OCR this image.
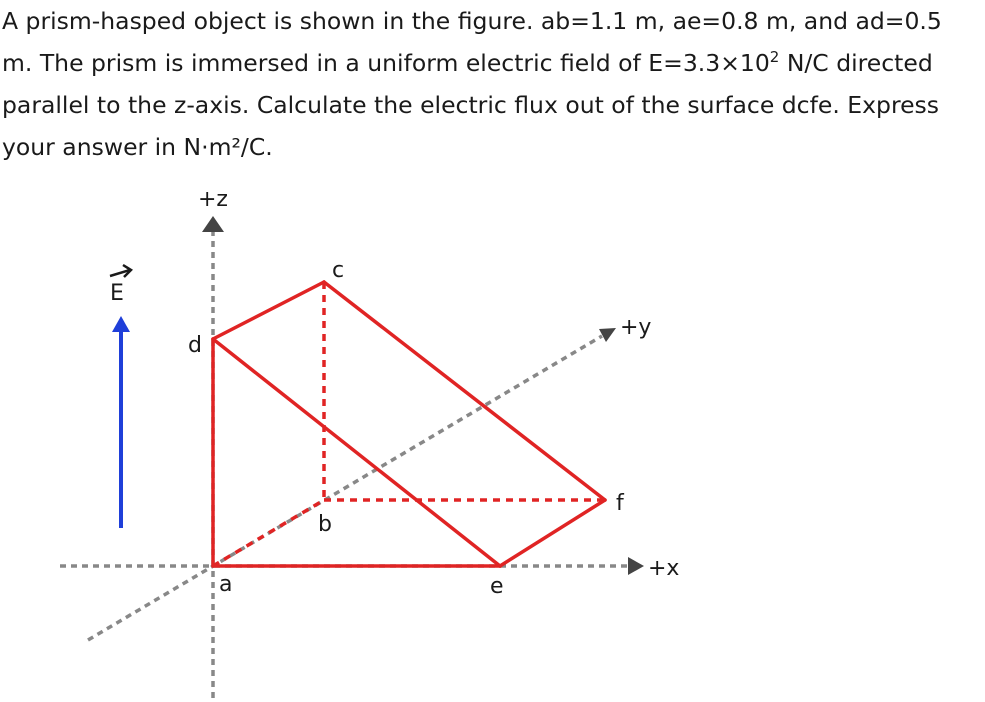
A prism-hasped object is shown in the figure. ab=1.1 m, ae=0.8 m, and ad=0.5
m. The prism is immersed in a uniform electric field of $E=3.3\times 10^2$ N/C directed
parallel to the z-axis. Calculate the electric flux out of the surface dcfe. Express
your answer in N·m²/C.
E
+z
+y
+x
a
b
c
d
e
f
